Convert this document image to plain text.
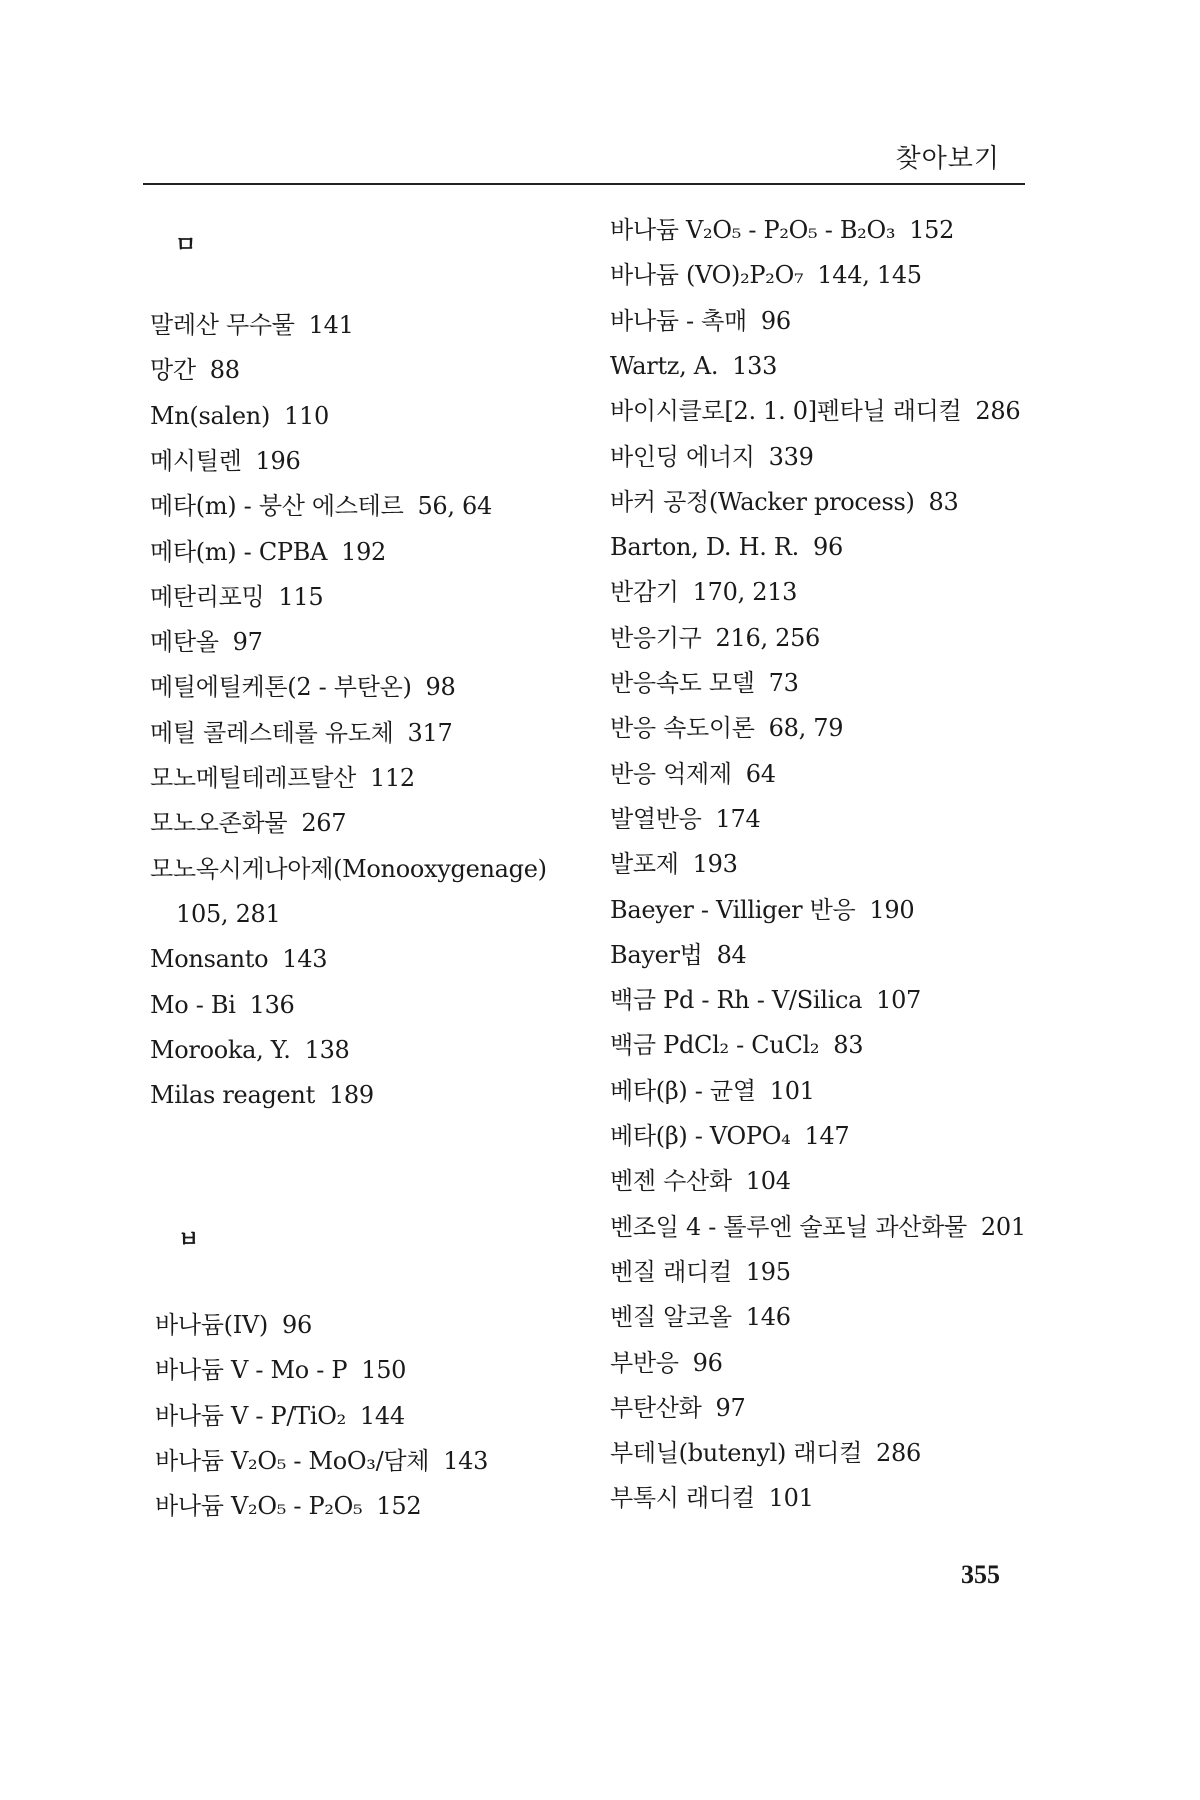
찾아보기
ㅁ
말레산 무수물 141
망간 88
Mn(salen) 110
메시틸렌 196
메타(m) - 붕산 에스테르 56, 64
메타(m) - CPBA 192
메탄리포밍 115
메탄올 97
메틸에틸케톤(2 - 부탄온) 98
메틸 콜레스테롤 유도체 317
모노메틸테레프탈산 112
모노오존화물 267
모노옥시게나아제(Monooxygenage)
105, 281
Monsanto 143
Mo - Bi 136
Morooka, Y. 138
Milas reagent 189
ㅂ
바나듐(IV) 96
바나듐 V - Mo - P 150
바나듐 V - P/TiO₂ 144
바나듐 V₂O₅ - MoO₃/담체 143
바나듐 V₂O₅ - P₂O₅ 152
바나듐 V₂O₅ - P₂O₅ - B₂O₃ 152
바나듐 (VO)₂P₂O₇ 144, 145
바나듐 - 촉매 96
Wartz, A. 133
바이시클로[2. 1. 0]펜타닐 래디컬 286
바인딩 에너지 339
바커 공정(Wacker process) 83
Barton, D. H. R. 96
반감기 170, 213
반응기구 216, 256
반응속도 모델 73
반응 속도이론 68, 79
반응 억제제 64
발열반응 174
발포제 193
Baeyer - Villiger 반응 190
Bayer법 84
백금 Pd - Rh - V/Silica 107
백금 PdCl₂ - CuCl₂ 83
베타(β) - 균열 101
베타(β) - VOPO₄ 147
벤젠 수산화 104
벤조일 4 - 톨루엔 술포닐 과산화물 201
벤질 래디컬 195
벤질 알코올 146
부반응 96
부탄산화 97
부테닐(butenyl) 래디컬 286
부톡시 래디컬 101
355
